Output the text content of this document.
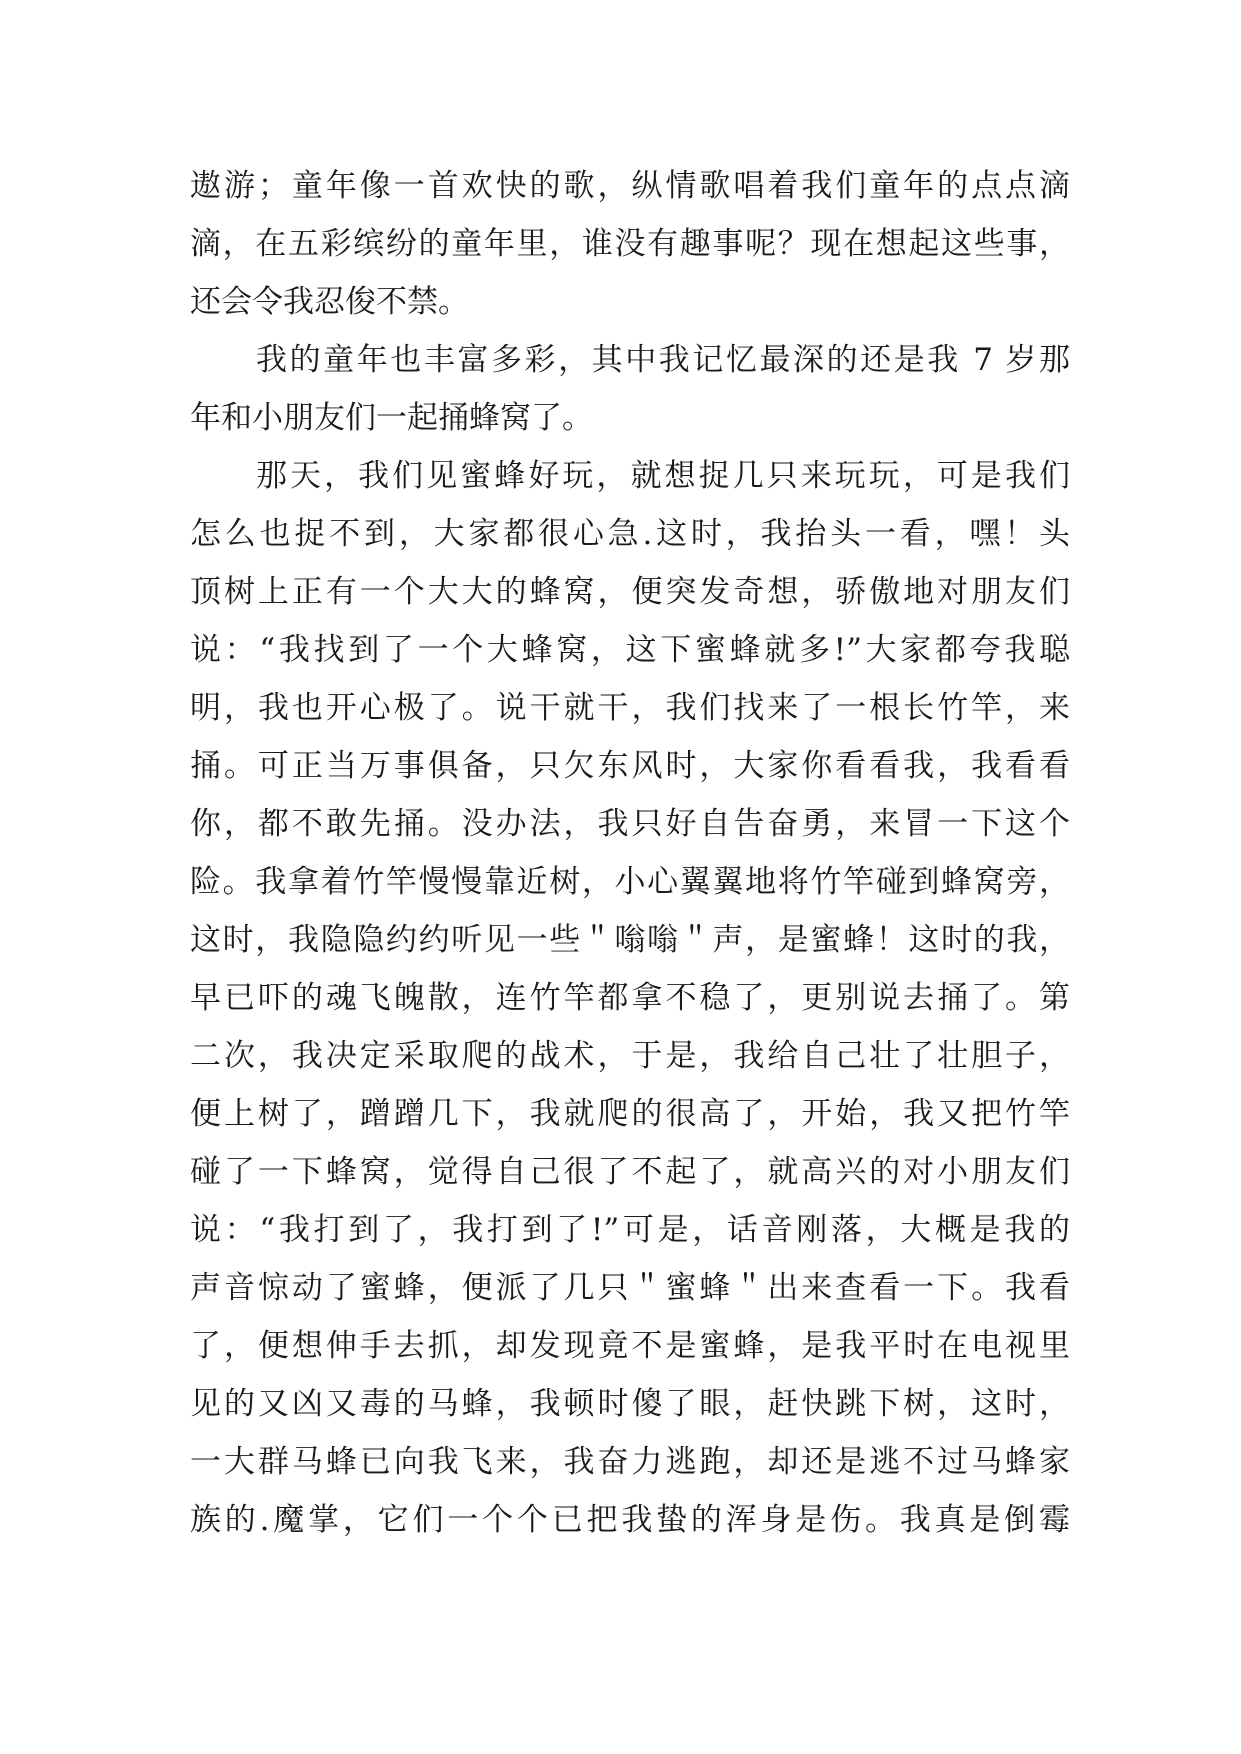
遨游；童年像一首欢快的歌，纵情歌唱着我们童年的点点滴
滴，在五彩缤纷的童年里，谁没有趣事呢？现在想起这些事，
还会令我忍俊不禁。
我的童年也丰富多彩，其中我记忆最深的还是我 7 岁那
年和小朋友们一起捅蜂窝了。
那天，我们见蜜蜂好玩，就想捉几只来玩玩，可是我们
怎么也捉不到，大家都很心急.这时，我抬头一看，嘿！头
顶树上正有一个大大的蜂窝，便突发奇想，骄傲地对朋友们
说：“我找到了一个大蜂窝，这下蜜蜂就多!”大家都夸我聪
明，我也开心极了。说干就干，我们找来了一根长竹竿，来
捅。可正当万事俱备，只欠东风时，大家你看看我，我看看
你，都不敢先捅。没办法，我只好自告奋勇，来冒一下这个
险。我拿着竹竿慢慢靠近树，小心翼翼地将竹竿碰到蜂窝旁，
这时，我隐隐约约听见一些＂嗡嗡＂声，是蜜蜂！这时的我，
早已吓的魂飞魄散，连竹竿都拿不稳了，更别说去捅了。第
二次，我决定采取爬的战术，于是，我给自己壮了壮胆子，
便上树了，蹭蹭几下，我就爬的很高了，开始，我又把竹竿
碰了一下蜂窝，觉得自己很了不起了，就高兴的对小朋友们
说：“我打到了，我打到了!”可是，话音刚落，大概是我的
声音惊动了蜜蜂，便派了几只＂蜜蜂＂出来查看一下。我看
了，便想伸手去抓，却发现竟不是蜜蜂，是我平时在电视里
见的又凶又毒的马蜂，我顿时傻了眼，赶快跳下树，这时，
一大群马蜂已向我飞来，我奋力逃跑，却还是逃不过马蜂家
族的.魔掌，它们一个个已把我蛰的浑身是伤。我真是倒霉
